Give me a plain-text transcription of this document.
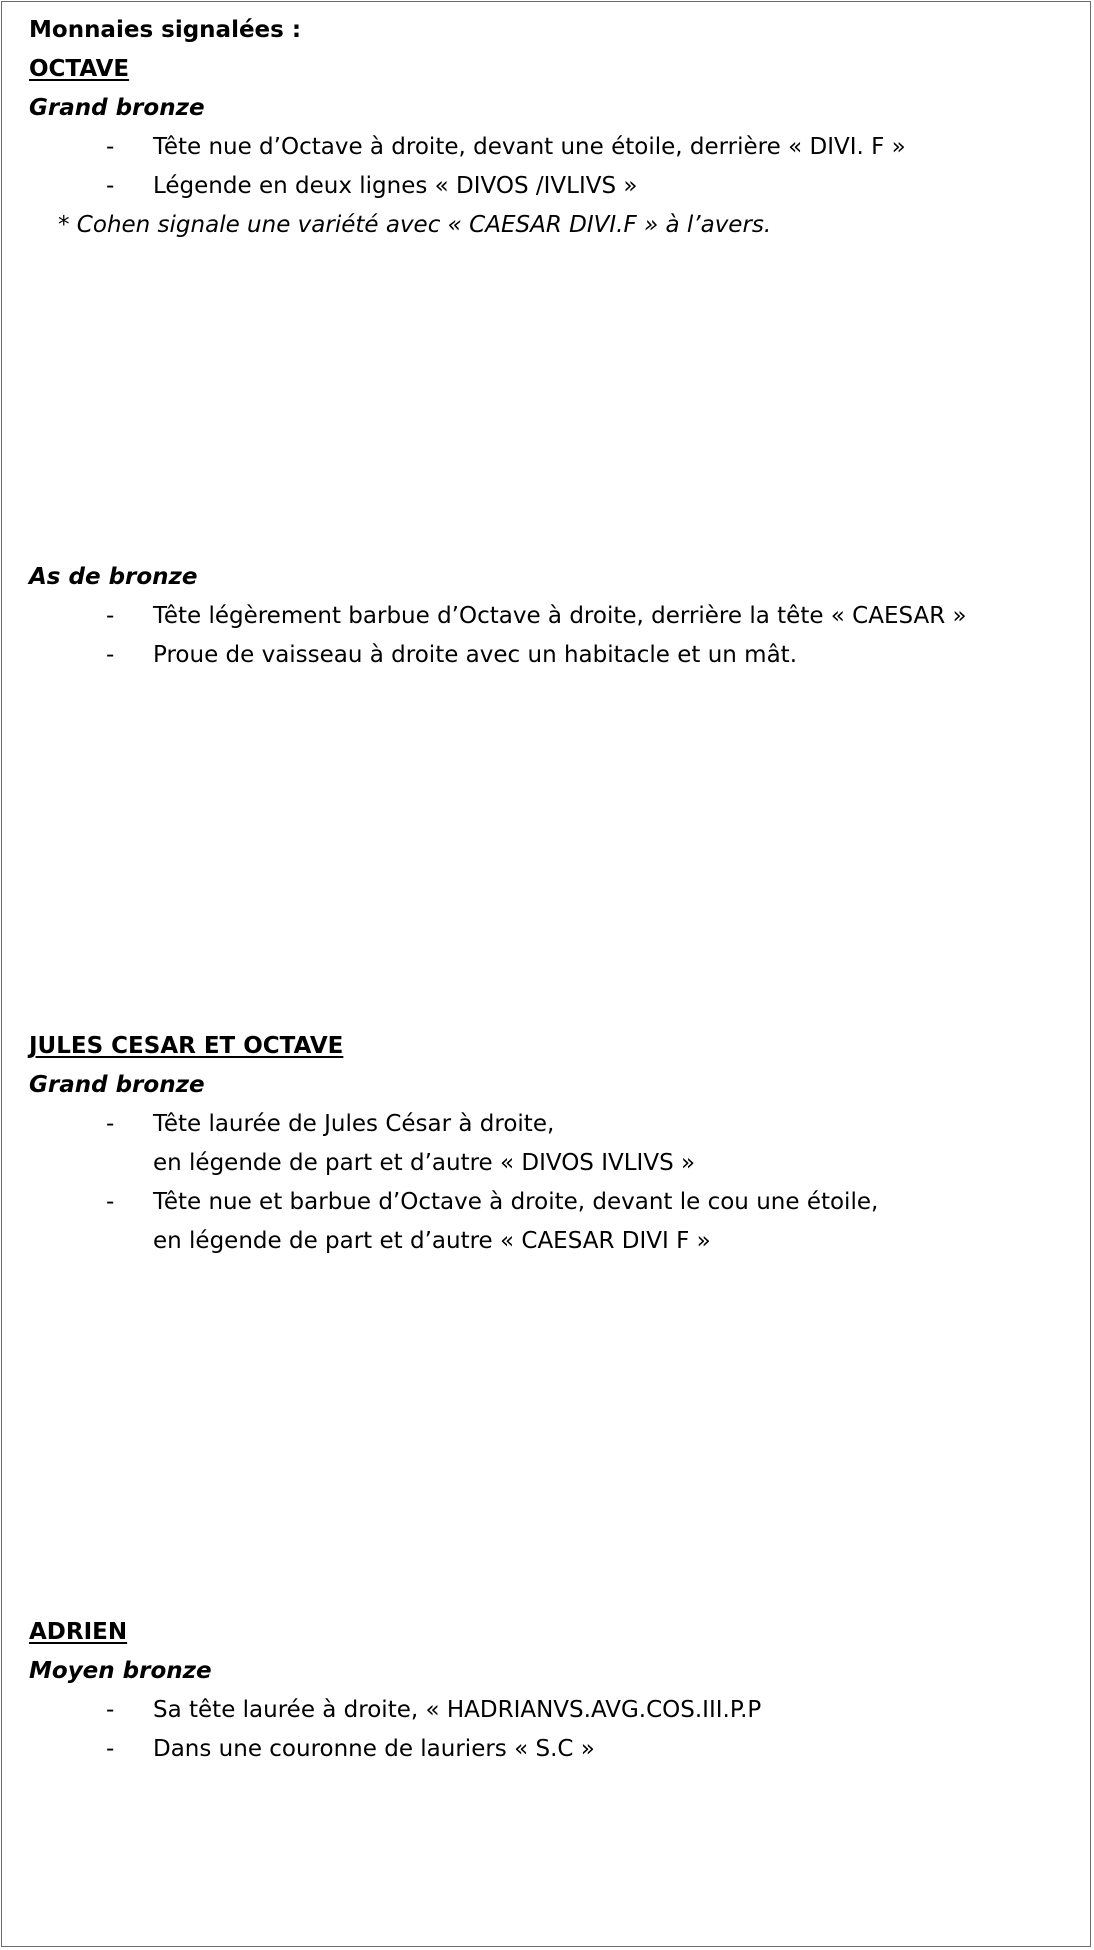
Monnaies signalées :
OCTAVE
Grand bronze
- Tête nue d’Octave à droite, devant une étoile, derrière « DIVI. F »
- Légende en deux lignes « DIVOS /IVLIVS »
* Cohen signale une variété avec « CAESAR DIVI.F » à l’avers.
As de bronze
- Tête légèrement barbue d’Octave à droite, derrière la tête « CAESAR »
- Proue de vaisseau à droite avec un habitacle et un mât.
JULES CESAR ET OCTAVE
Grand bronze
- Tête laurée de Jules César à droite,
en légende de part et d’autre « DIVOS IVLIVS »
- Tête nue et barbue d’Octave à droite, devant le cou une étoile,
en légende de part et d’autre « CAESAR DIVI F »
ADRIEN
Moyen bronze
- Sa tête laurée à droite, « HADRIANVS.AVG.COS.III.P.P
- Dans une couronne de lauriers « S.C »
